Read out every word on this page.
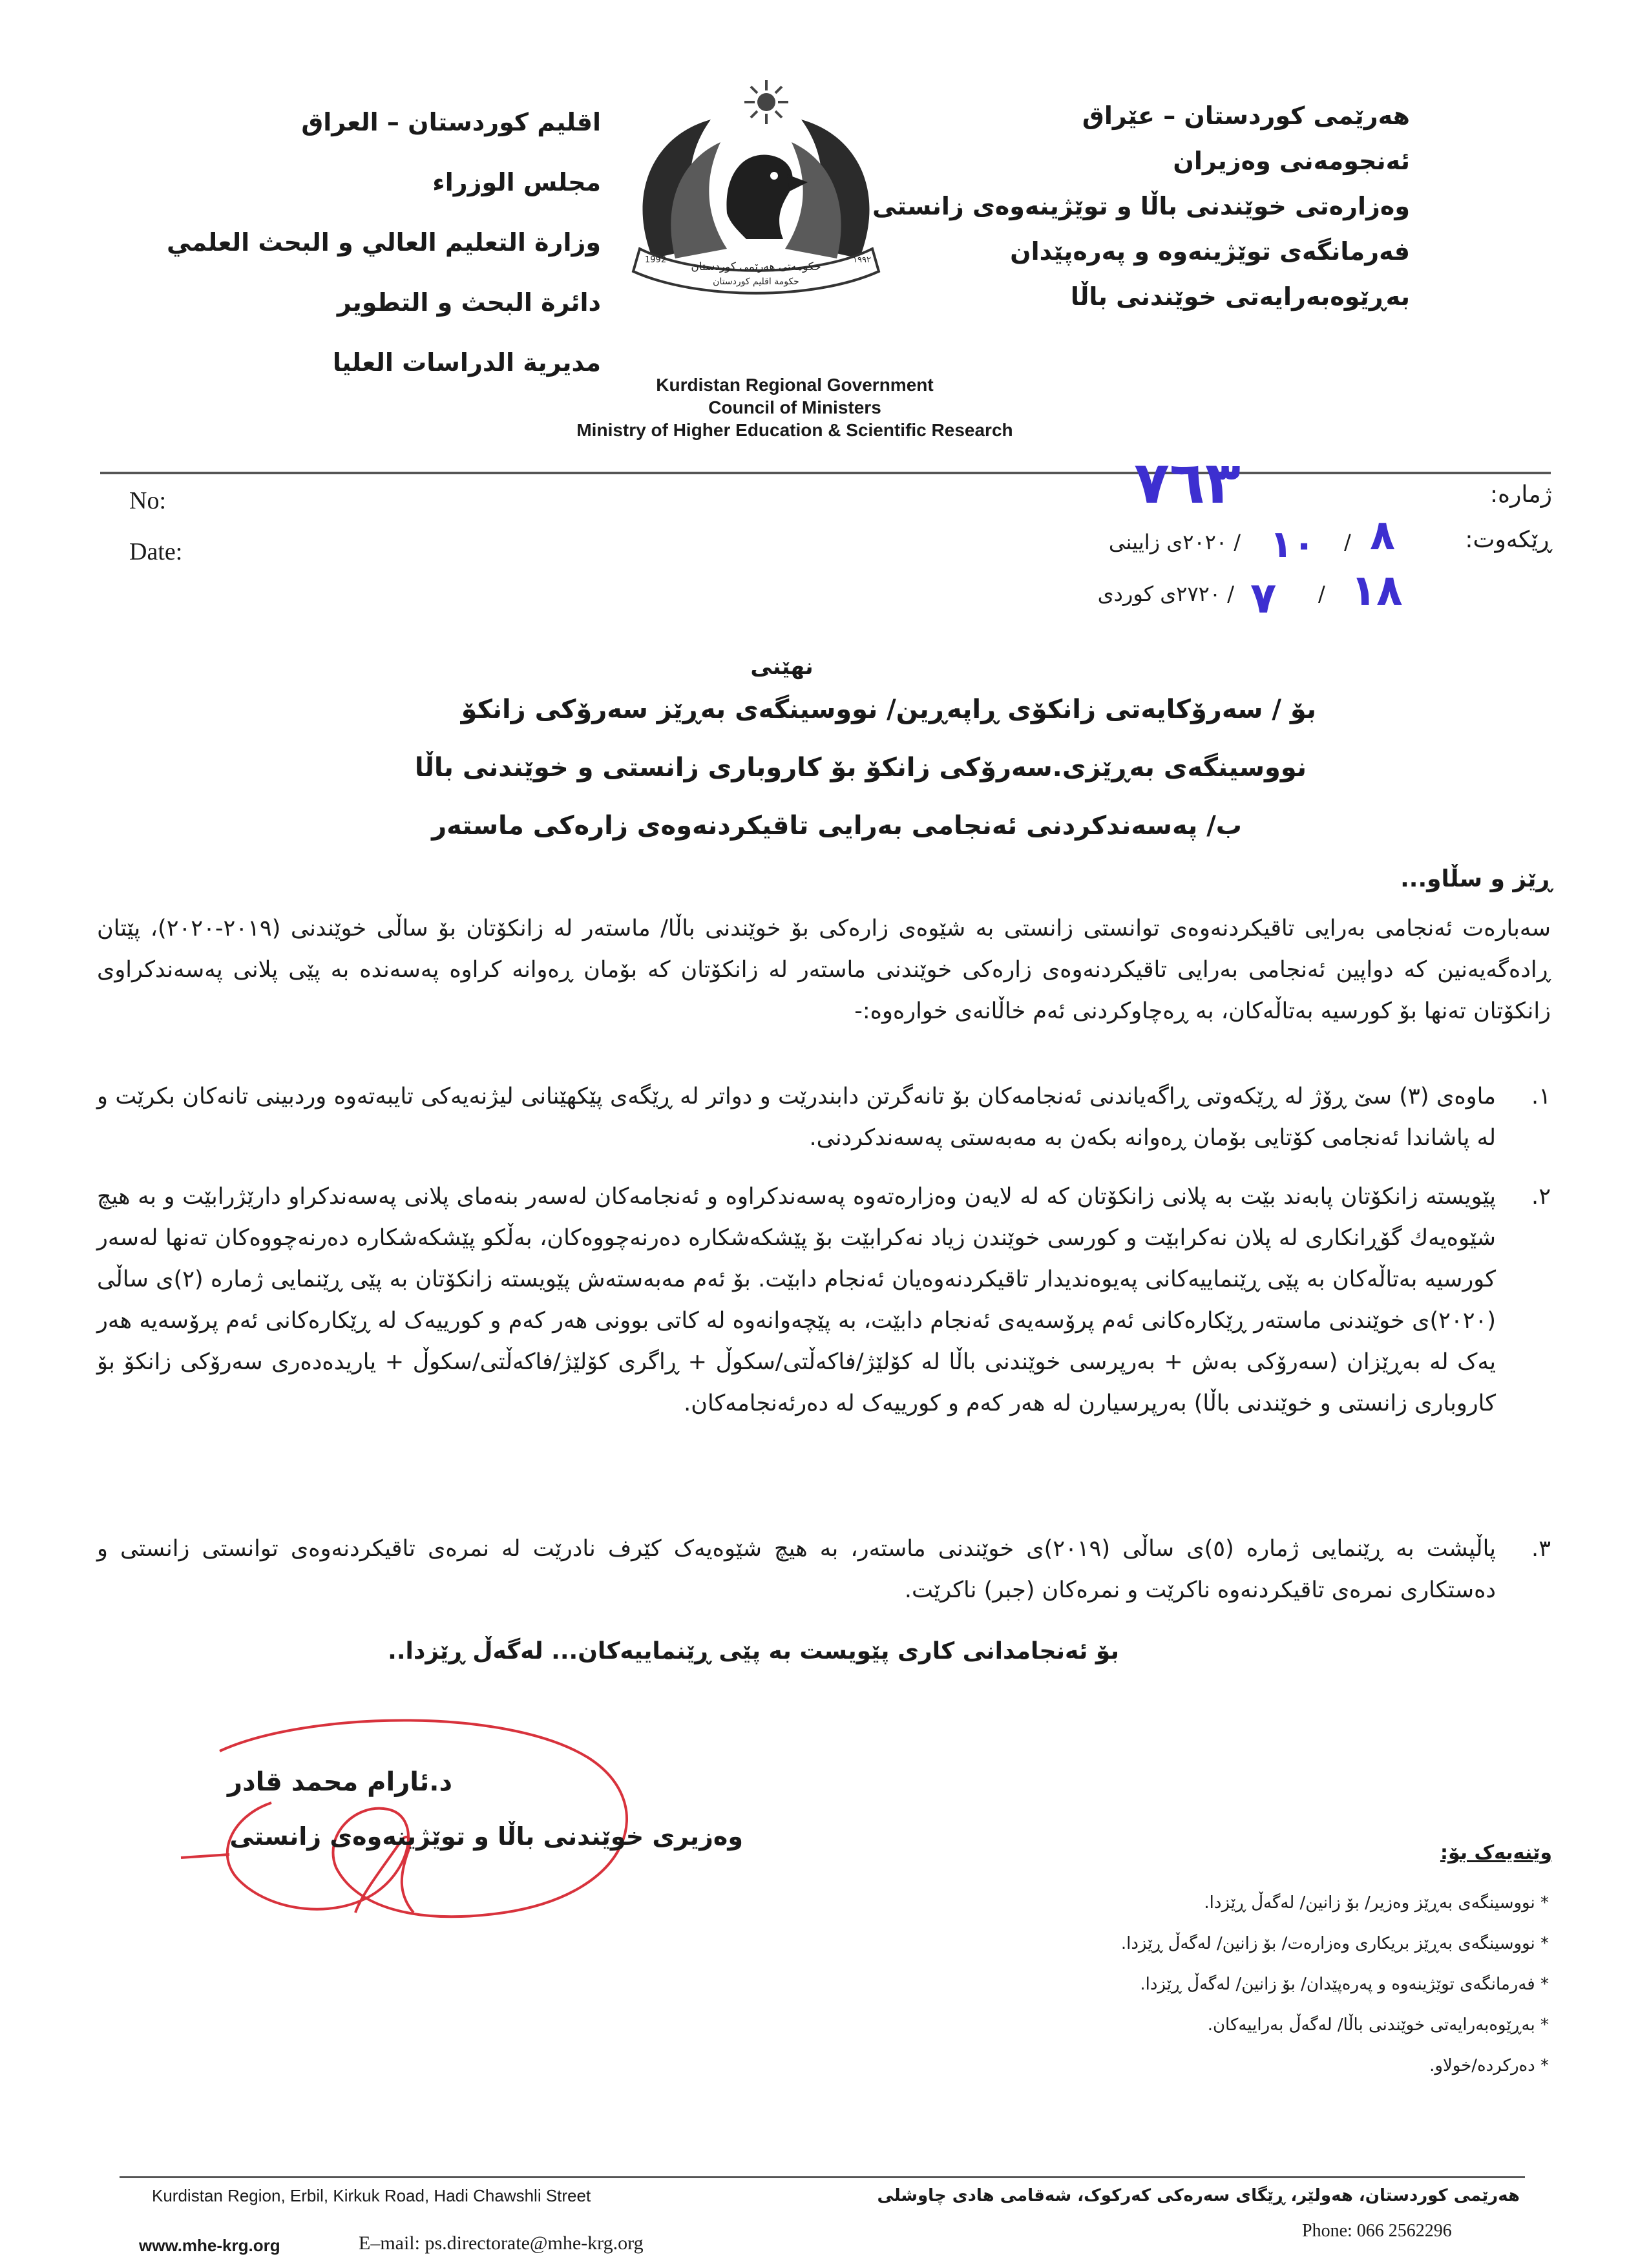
هەرێمی کوردستان – عێراق
ئەنجومەنی وەزیران
وەزارەتی خوێندنی باڵا و توێژینەوەی زانستی
فەرمانگەی توێژینەوە و پەرەپێدان
بەڕێوەبەرایەتی خوێندنی باڵا
اقليم كوردستان – العراق
مجلس الوزراء
وزارة التعليم العالي و البحث العلمي
دائرة البحث و التطوير
مديرية الدراسات العليا
حكومەتی هەرێمی كوردستان
حكومة اقليم كوردستان
1992	۱۹۹۲
Kurdistan Regional Government
Council of Ministers
Ministry of Higher Education & Scientific Research
No:
Date:
ژمارە:
٧٦٣
ڕێکەوت:
/ ٢٠٢٠ی زایینی ١٠ / ٨
/ ٢٧٢٠ی کوردی ٧ / ١٨
نهێنی
بۆ / سەرۆکایەتی زانکۆی ڕاپەڕین/ نووسینگەی بەڕێز سەرۆکی زانکۆ
نووسینگەی بەڕێزی.سەرۆکی زانکۆ بۆ کاروباری زانستی و خوێندنی باڵا
ب/ پەسەندکردنی ئەنجامی بەرایی تاقیکردنەوەی زارەکی ماستەر
ڕێز و سڵاو...
سەبارەت ئەنجامی بەرایی تاقیکردنەوەی توانستی زانستی بە شێوەی زارەکی بۆ خوێندنی باڵا/ ماستەر لە زانکۆتان بۆ ساڵی خوێندنی (٢٠١٩-٢٠٢٠)، پێتان ڕادەگەیەنین کە دواپین ئەنجامی بەرایی تاقیکردنەوەی زارەکی خوێندنی ماستەر لە زانکۆتان کە بۆمان ڕەوانە کراوە پەسەندە بە پێی پلانی پەسەندکراوی زانکۆتان تەنها بۆ کورسیە بەتاڵەکان، بە ڕەچاوکردنی ئەم خاڵانەی خوارەوە:-
١.
ماوەی (٣) سێ ڕۆژ لە ڕێکەوتی ڕاگەیاندنی ئەنجامەکان بۆ تانەگرتن دابندرێت و دواتر لە ڕێگەی پێکهێنانی لیژنەیەکی تایبەتەوە وردبینی تانەکان بکرێت و لە پاشاندا ئەنجامی کۆتایی بۆمان ڕەوانە بکەن بە مەبەستی پەسەندکردنی.
٢.
پێویستە زانکۆتان پابەند بێت بە پلانی زانکۆتان کە لە لایەن وەزارەتەوە پەسەندکراوە و ئەنجامەکان لەسەر بنەمای پلانی پەسەندکراو دارێژرابێت و بە هیچ شێوەیەك گۆڕانکاری لە پلان نەکرابێت و کورسی خوێندن زیاد نەکرابێت بۆ پێشکەشکارە دەرنەچووەکان، بەڵکو پێشکەشکارە دەرنەچووەکان تەنها لەسەر کورسیە بەتاڵەکان بە پێی ڕێنماییەکانی پەیوەندیدار تاقیکردنەوەیان ئەنجام دابێت. بۆ ئەم مەبەستەش پێویستە زانکۆتان بە پێی ڕێنمایی ژمارە (٢)ی ساڵی (٢٠٢٠)ی خوێندنی ماستەر ڕێکارەکانی ئەم پرۆسەیەی ئەنجام دابێت، بە پێچەوانەوە لە کاتی بوونی هەر کەم و کورییەک لە ڕێکارەکانی ئەم پرۆسەیە هەر یەک لە بەڕێزان (سەرۆکی بەش + بەرپرسی خوێندنی باڵا لە کۆلێژ/فاکەڵتی/سکوڵ + ڕاگری کۆلێژ/فاکەڵتی/سکوڵ + یاریدەدەری سەرۆکی زانکۆ بۆ کاروباری زانستی و خوێندنی باڵا) بەرپرسیارن لە هەر کەم و کورییەک لە دەرئەنجامەکان.
٣.
پاڵپشت بە ڕێنمایی ژمارە (٥)ی ساڵی (٢٠١٩)ی خوێندنی ماستەر، بە هیچ شێوەیەک کێرف نادرێت لە نمرەی تاقیکردنەوەی توانستی زانستی و دەستکاری نمرەی تاقیکردنەوە ناکرێت و نمرەکان (جبر) ناکرێت.
بۆ ئەنجامدانی کاری پێویست بە پێی ڕێنماییەکان... لەگەڵ ڕێزدا..
د.ئارام محمد قادر
وەزیری خوێندنی باڵا و توێژینەوەی زانستی
وێنەیەک بۆ:
* نووسینگەی بەڕێز وەزیر/ بۆ زانین/ لەگەڵ ڕێزدا.
* نووسینگەی بەڕێز بریکاری وەزارەت/ بۆ زانین/ لەگەڵ ڕێزدا.
* فەرمانگەی توێژینەوە و پەرەپێدان/ بۆ زانین/ لەگەڵ ڕێزدا.
* بەڕێوەبەرایەتی خوێندنی باڵا/ لەگەڵ بەراییەکان.
* دەرکردە/خولاو.
Kurdistan Region, Erbil, Kirkuk Road, Hadi Chawshli Street	هەرێمی کوردستان، هەولێر، ڕێگای سەرەکی کەرکوک، شەقامی هادی چاوشلی
www.mhe-krg.org	E–mail: ps.directorate@mhe-krg.org
Phone: 066 2562296
